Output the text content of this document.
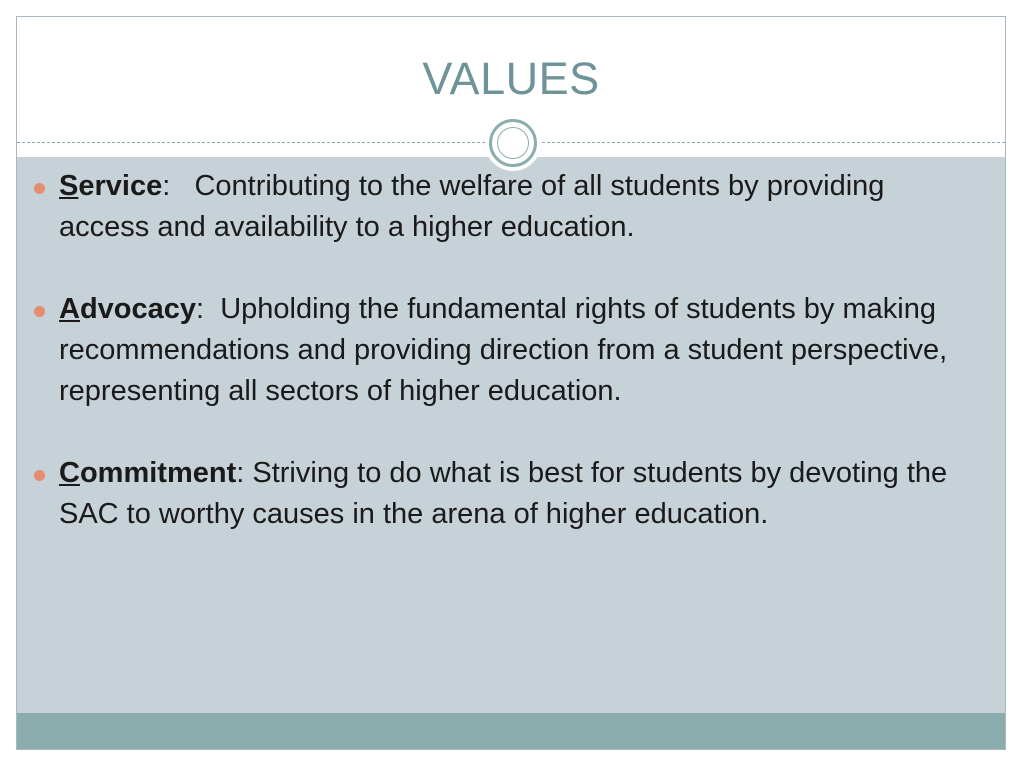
VALUES
Service:   Contributing to the welfare of all students by providing access and availability to a higher education.
Advocacy:  Upholding the fundamental rights of students by making recommendations and providing direction from a student perspective, representing all sectors of higher education.
Commitment: Striving to do what is best for students by devoting the SAC to worthy causes in the arena of higher education.
